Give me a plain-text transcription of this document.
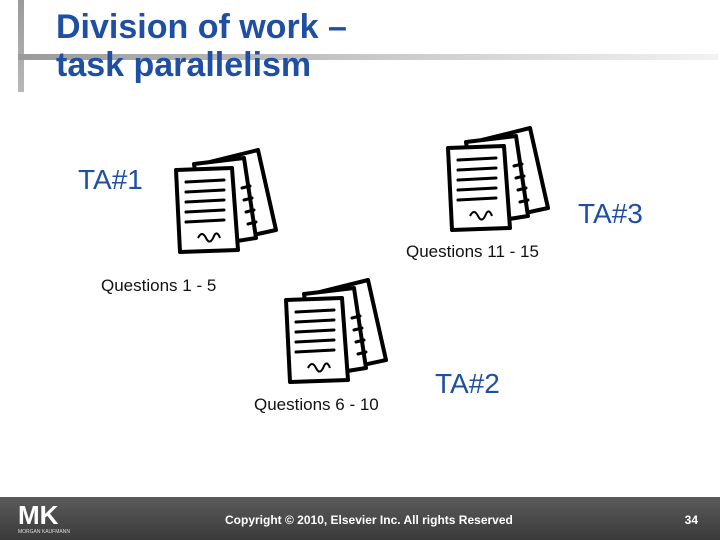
Division of work –
task parallelism
TA#1
Questions 1 - 5
TA#3
Questions 11 - 15
TA#2
Questions 6 - 10
MK
MORGAN KAUFMANN
Copyright © 2010, Elsevier Inc. All rights Reserved	34
